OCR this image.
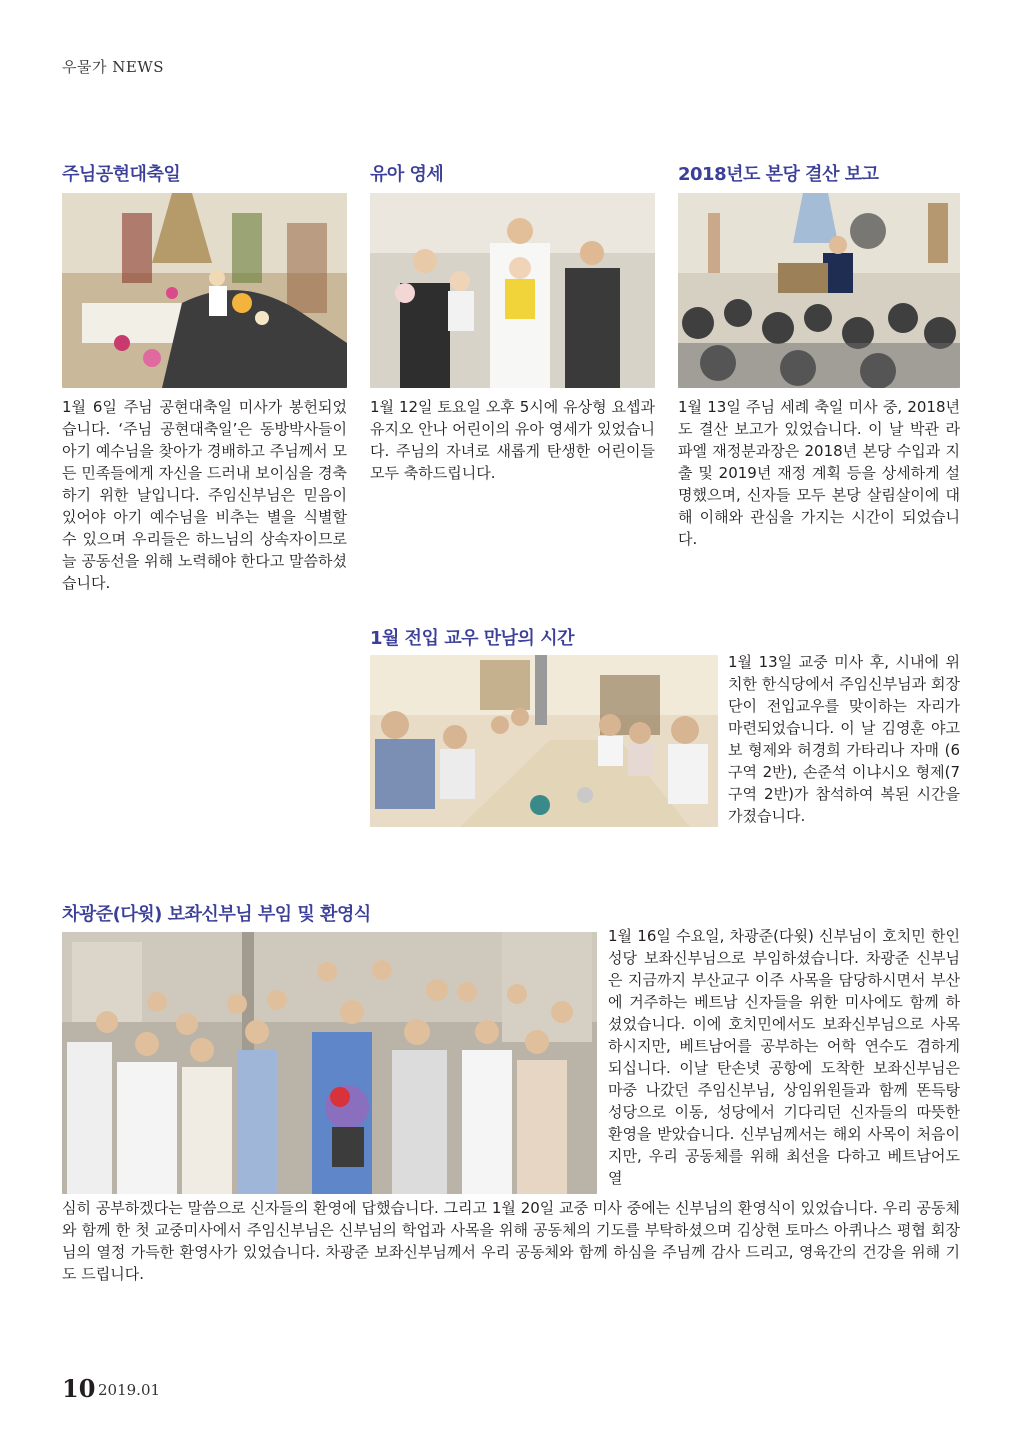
우물가 NEWS
주님공현대축일

1월 6일 주님 공현대축일 미사가 봉헌되었습니다. ‘주님 공현대축일’은 동방박사들이 아기 예수님을 찾아가 경배하고 주님께서 모든 민족들에게 자신을 드러내 보이심을 경축하기 위한 날입니다. 주임신부님은 믿음이 있어야 아기 예수님을 비추는 별을 식별할 수 있으며 우리들은 하느님의 상속자이므로 늘 공동선을 위해 노력해야 한다고 말씀하셨습니다.

유아 영세

1월 12일 토요일 오후 5시에 유상형 요셉과 유지오 안나 어린이의 유아 영세가 있었습니다. 주님의 자녀로 새롭게 탄생한 어린이들 모두 축하드립니다.

2018년도 본당 결산 보고

1월 13일 주님 세례 축일 미사 중, 2018년도 결산 보고가 있었습니다. 이 날 박관 라파엘 재정분과장은 2018년 본당 수입과 지출 및 2019년 재정 계획 등을 상세하게 설명했으며, 신자들 모두 본당 살림살이에 대해 이해와 관심을 가지는 시간이 되었습니다.

1월 전입 교우 만남의 시간

1월 13일 교중 미사 후, 시내에 위치한 한식당에서 주임신부님과 회장단이 전입교우를 맞이하는 자리가 마련되었습니다. 이 날 김영훈 야고보 형제와 허경희 가타리나 자매 (6구역 2반), 손준석 이냐시오 형제(7구역 2반)가 참석하여 복된 시간을 가졌습니다.

차광준(다윗) 보좌신부님 부임 및 환영식

1월 16일 수요일, 차광준(다윗) 신부님이 호치민 한인성당 보좌신부님으로 부임하셨습니다. 차광준 신부님은 지금까지 부산교구 이주 사목을 담당하시면서 부산에 거주하는 베트남 신자들을 위한 미사에도 함께 하셨었습니다. 이에 호치민에서도 보좌신부님으로 사목하시지만, 베트남어를 공부하는 어학 연수도 겸하게 되십니다. 이날 탄손녓 공항에 도착한 보좌신부님은 마중 나갔던 주임신부님, 상임위원들과 함께 똔득탕 성당으로 이동, 성당에서 기다리던 신자들의 따뜻한 환영을 받았습니다. 신부님께서는 해외 사목이 처음이지만, 우리 공동체를 위해 최선을 다하고 베트남어도 열

심히 공부하겠다는 말씀으로 신자들의 환영에 답했습니다. 그리고 1월 20일 교중 미사 중에는 신부님의 환영식이 있었습니다. 우리 공동체와 함께 한 첫 교중미사에서 주임신부님은 신부님의 학업과 사목을 위해 공동체의 기도를 부탁하셨으며 김상현 토마스 아퀴나스 평협 회장님의 열정 가득한 환영사가 있었습니다. 차광준 보좌신부님께서 우리 공동체와 함께 하심을 주님께 감사 드리고, 영육간의 건강을 위해 기도 드립니다.

10 2019.01
